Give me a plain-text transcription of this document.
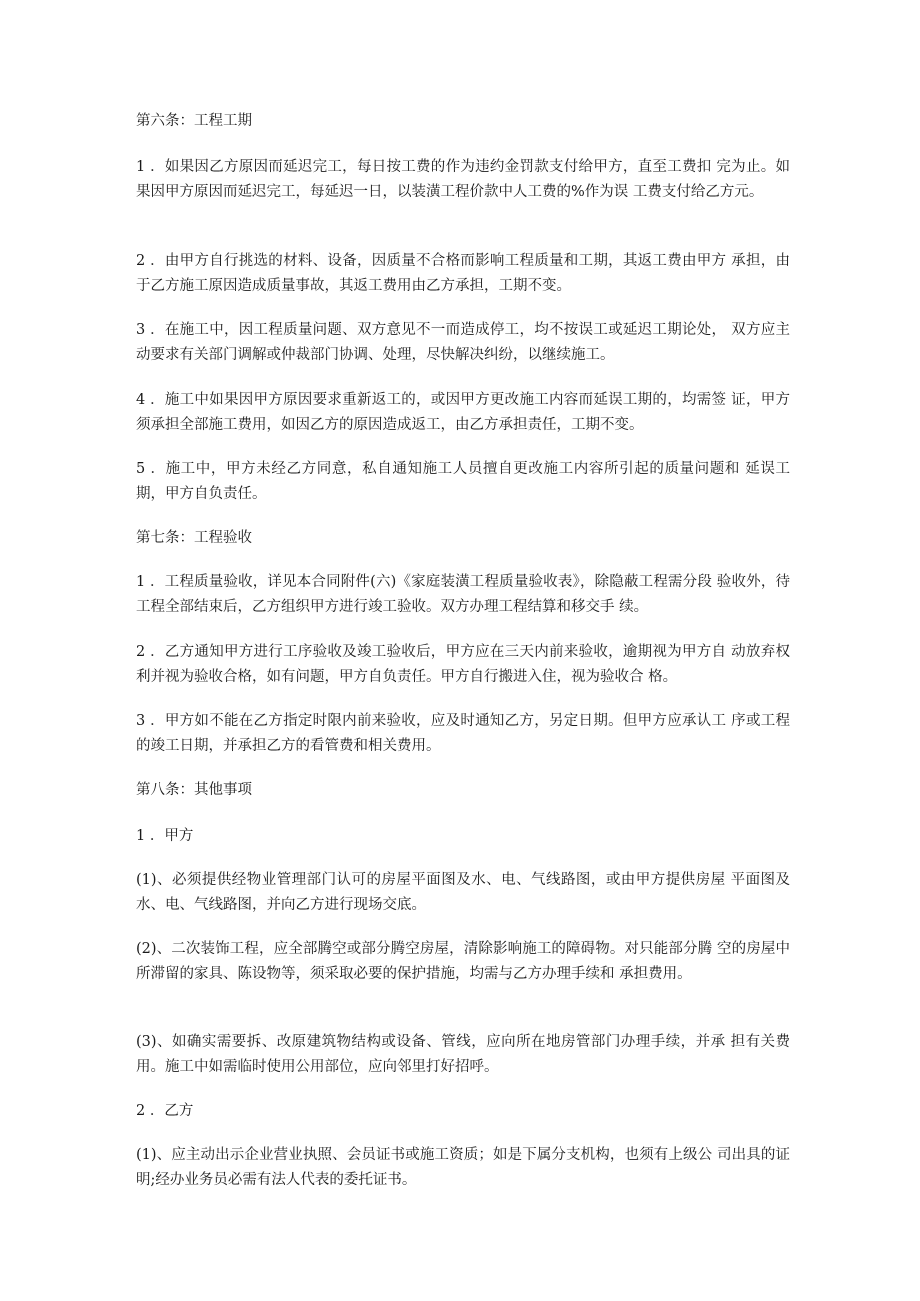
第六条：工程工期

1 ．如果因乙方原因而延迟完工，每日按工费的作为违约金罚款支付给甲方，直至工费扣 完为止。如果因甲方原因而延迟完工，每延迟一日，以装潢工程价款中人工费的%作为误 工费支付给乙方元。

2 ．由甲方自行挑选的材料、设备，因质量不合格而影响工程质量和工期，其返工费由甲方 承担，由于乙方施工原因造成质量事故，其返工费用由乙方承担，工期不变。

3 ．在施工中，因工程质量问题、双方意见不一而造成停工，均不按误工或延迟工期论处， 双方应主动要求有关部门调解或仲裁部门协调、处理，尽快解决纠纷，以继续施工。

4 ．施工中如果因甲方原因要求重新返工的，或因甲方更改施工内容而延误工期的，均需签 证，甲方须承担全部施工费用，如因乙方的原因造成返工，由乙方承担责任，工期不变。

5 ．施工中，甲方未经乙方同意，私自通知施工人员擅自更改施工内容所引起的质量问题和 延误工期，甲方自负责任。

第七条：工程验收

1 ．工程质量验收，详见本合同附件(六)《家庭装潢工程质量验收表》，除隐蔽工程需分段 验收外，待工程全部结束后，乙方组织甲方进行竣工验收。双方办理工程结算和移交手 续。

2 ．乙方通知甲方进行工序验收及竣工验收后，甲方应在三天内前来验收，逾期视为甲方自 动放弃权利并视为验收合格，如有问题，甲方自负责任。甲方自行搬进入住，视为验收合 格。

3 ．甲方如不能在乙方指定时限内前来验收，应及时通知乙方，另定日期。但甲方应承认工 序或工程的竣工日期，并承担乙方的看管费和相关费用。

第八条：其他事项

1 ．甲方

(1)、必须提供经物业管理部门认可的房屋平面图及水、电、气线路图，或由甲方提供房屋 平面图及水、电、气线路图，并向乙方进行现场交底。

(2)、二次装饰工程，应全部腾空或部分腾空房屋，清除影响施工的障碍物。对只能部分腾 空的房屋中所滞留的家具、陈设物等，须采取必要的保护措施，均需与乙方办理手续和 承担费用。

(3)、如确实需要拆、改原建筑物结构或设备、管线，应向所在地房管部门办理手续，并承 担有关费用。施工中如需临时使用公用部位，应向邻里打好招呼。

2 ．乙方

(1)、应主动出示企业营业执照、会员证书或施工资质；如是下属分支机构，也须有上级公 司出具的证明;经办业务员必需有法人代表的委托证书。
